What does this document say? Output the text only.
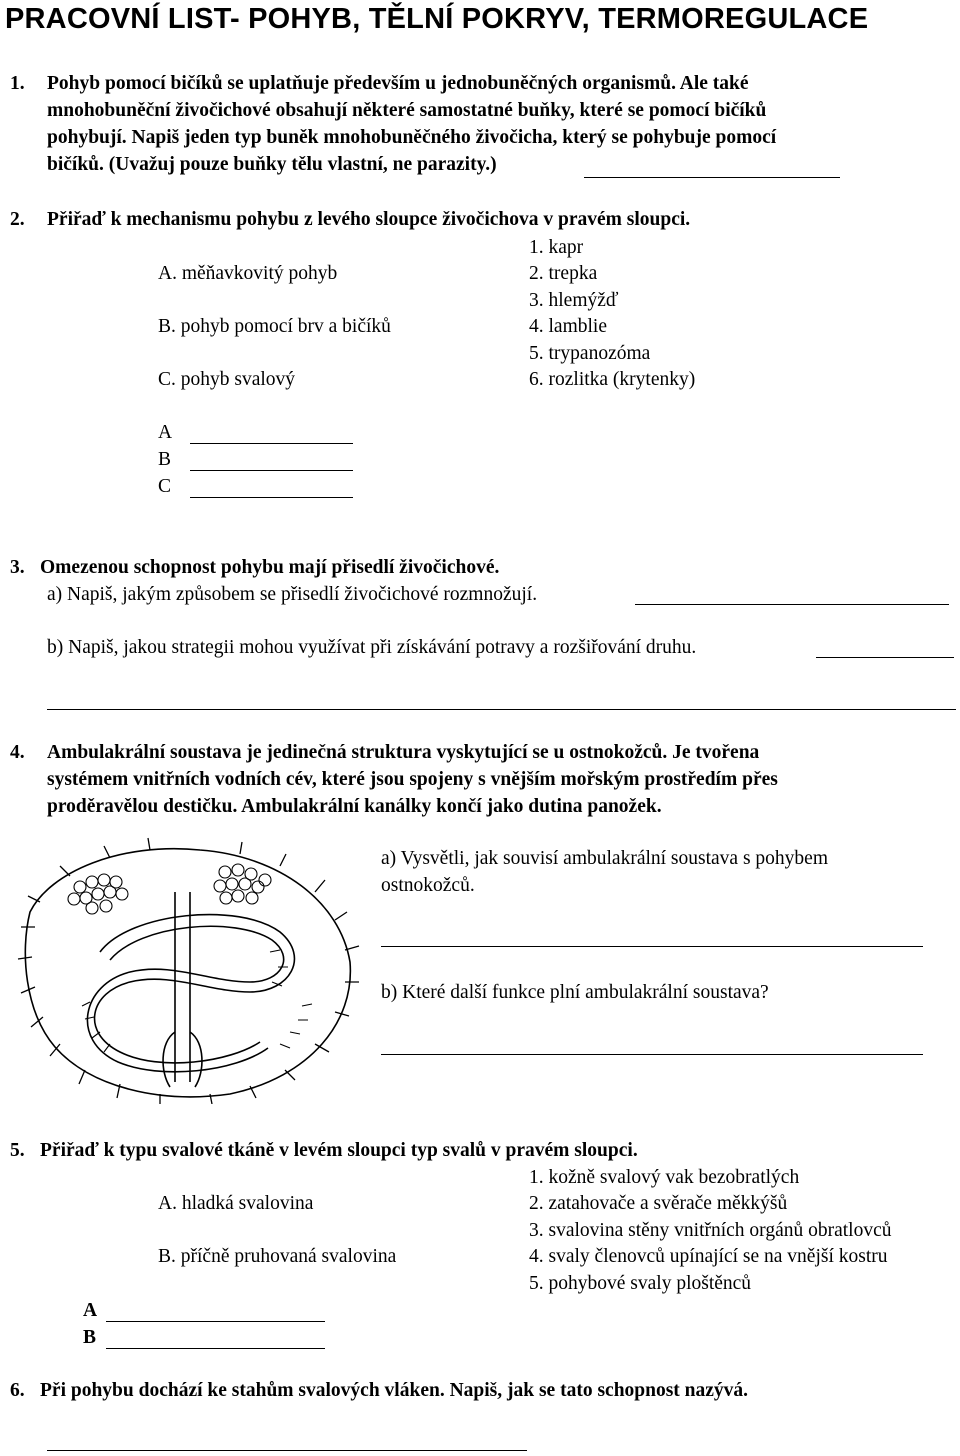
PRACOVNÍ LIST- POHYB, TĚLNÍ POKRYV, TERMOREGULACE
1. Pohyb pomocí bičíků se uplatňuje především u jednobuněčných organismů. Ale také
mnohobuněční živočichové obsahují některé samostatné buňky, které se pomocí bičíků
pohybují. Napiš jeden typ buněk mnohobuněčného živočicha, který se pohybuje pomocí
bičíků. (Uvažuj pouze buňky tělu vlastní, ne parazity.)
2. Přiřaď k mechanismu pohybu z levého sloupce živočichova v pravém sloupci.
1. kapr
A. měňavkovitý pohyb	2. trepka
3. hlemýžď
B. pohyb pomocí brv a bičíků	4. lamblie
5. trypanozóma
C. pohyb svalový	6. rozlitka (krytenky)
A
B
C
3. Omezenou schopnost pohybu mají přisedlí živočichové.
a) Napiš, jakým způsobem se přisedlí živočichové rozmnožují.
b) Napiš, jakou strategii mohou využívat při získávání potravy a rozšiřování druhu.
4. Ambulakrální soustava je jedinečná struktura vyskytující se u ostnokožců. Je tvořena
systémem vnitřních vodních cév, které jsou spojeny s vnějším mořským prostředím přes
proděravělou destičku. Ambulakrální kanálky končí jako dutina panožek.
a) Vysvětli, jak souvisí ambulakrální soustava s pohybem
ostnokožců.
b) Které další funkce plní ambulakrální soustava?
5. Přiřaď k typu svalové tkáně v levém sloupci typ svalů v pravém sloupci.
1. kožně svalový vak bezobratlých
A. hladká svalovina	2. zatahovače a svěrače měkkýšů
3. svalovina stěny vnitřních orgánů obratlovců
B. příčně pruhovaná svalovina	4. svaly členovců upínající se na vnější kostru
5. pohybové svaly ploštěnců
A
B
6. Při pohybu dochází ke stahům svalových vláken. Napiš, jak se tato schopnost nazývá.
